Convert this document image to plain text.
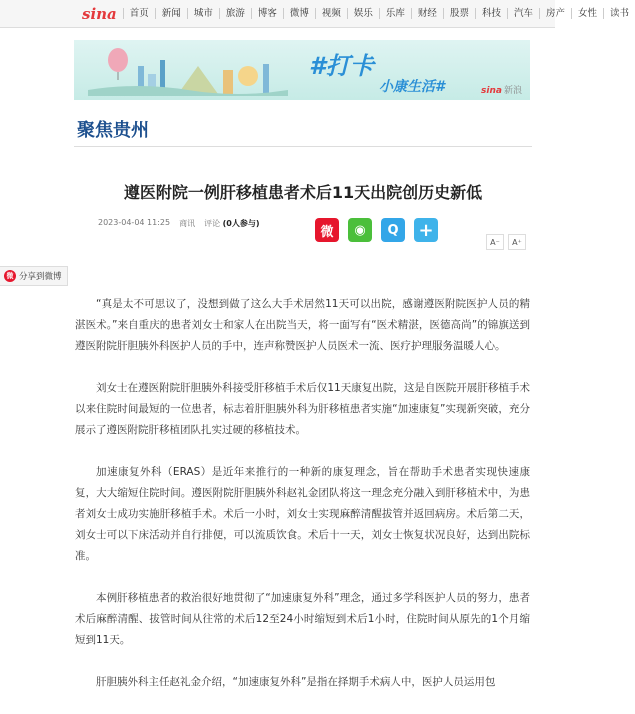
sina	首页	新闻	城市	旅游	博客	微博	视频	娱乐	乐库	财经	股票	科技	汽车	房产	女性	读书
#打卡
小康生活#	sina 新浪
聚焦贵州
遵医附院一例肝移植患者术后11天出院创历史新低
2023-04-04 11:25 商讯 评论 (0人参与)
微	◉	Q	+
A⁻	A⁺
微 分享到微博

“真是太不可思议了，没想到做了这么大手术居然11天可以出院，感谢遵医附院医护人员的精湛医术。”来自重庆的患者刘女士和家人在出院当天，将一面写有“医术精湛，医德高尚”的锦旗送到遵医附院肝胆胰外科医护人员的手中，连声称赞医护人员医术一流、医疗护理服务温暖人心。

刘女士在遵医附院肝胆胰外科接受肝移植手术后仅11天康复出院，这是自医院开展肝移植手术以来住院时间最短的一位患者，标志着肝胆胰外科为肝移植患者实施“加速康复”实现新突破，充分展示了遵医附院肝移植团队扎实过硬的移植技术。

加速康复外科（ERAS）是近年来推行的一种新的康复理念，旨在帮助手术患者实现快速康复，大大缩短住院时间。遵医附院肝胆胰外科赵礼金团队将这一理念充分融入到肝移植术中，为患者刘女士成功实施肝移植手术。术后一小时，刘女士实现麻醉清醒拔管并返回病房。术后第二天，刘女士可以下床活动并自行排便，可以流质饮食。术后十一天，刘女士恢复状况良好，达到出院标准。

本例肝移植患者的救治很好地贯彻了“加速康复外科”理念，通过多学科医护人员的努力，患者术后麻醉清醒、拔管时间从往常的术后12至24小时缩短到术后1小时，住院时间从原先的1个月缩短到11天。

肝胆胰外科主任赵礼金介绍，“加速康复外科”是指在择期手术病人中，医护人员运用包
